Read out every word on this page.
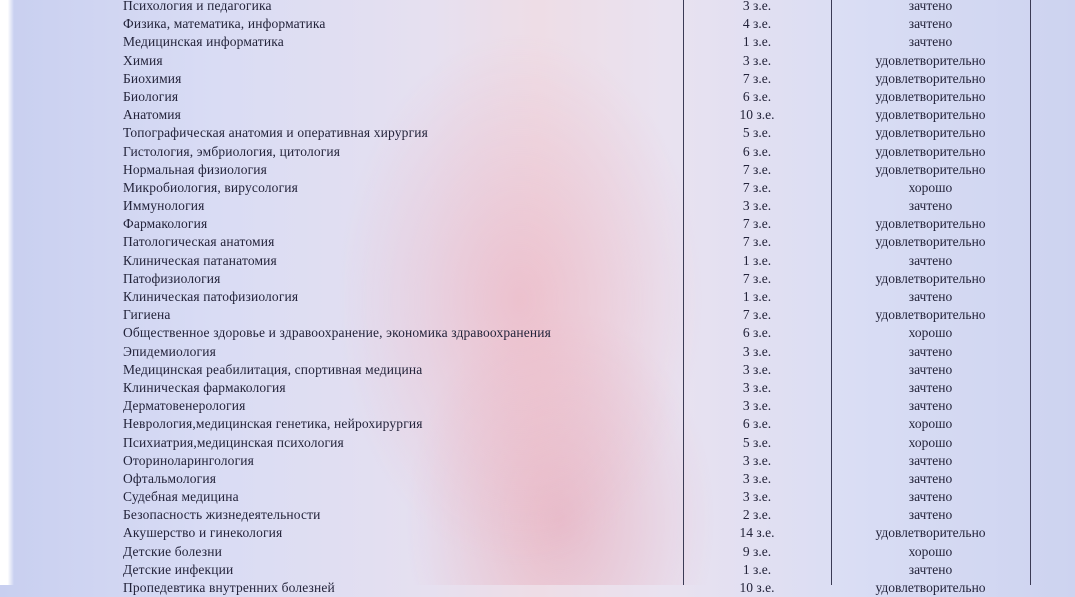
Психология и педагогика	3 з.е.	зачтено
Физика, математика, информатика	4 з.е.	зачтено
Медицинская информатика	1 з.е.	зачтено
Химия	3 з.е.	удовлетворительно
Биохимия	7 з.е.	удовлетворительно
Биология	6 з.е.	удовлетворительно
Анатомия	10 з.е.	удовлетворительно
Топографическая анатомия и оперативная хирургия	5 з.е.	удовлетворительно
Гистология, эмбриология, цитология	6 з.е.	удовлетворительно
Нормальная физиология	7 з.е.	удовлетворительно
Микробиология, вирусология	7 з.е.	хорошо
Иммунология	3 з.е.	зачтено
Фармакология	7 з.е.	удовлетворительно
Патологическая анатомия	7 з.е.	удовлетворительно
Клиническая патанатомия	1 з.е.	зачтено
Патофизиология	7 з.е.	удовлетворительно
Клиническая патофизиология	1 з.е.	зачтено
Гигиена	7 з.е.	удовлетворительно
Общественное здоровье и здравоохранение, экономика здравоохранения	6 з.е.	хорошо
Эпидемиология	3 з.е.	зачтено
Медицинская реабилитация, спортивная медицина	3 з.е.	зачтено
Клиническая фармакология	3 з.е.	зачтено
Дерматовенерология	3 з.е.	зачтено
Неврология,медицинская генетика, нейрохирургия	6 з.е.	хорошо
Психиатрия,медицинская психология	5 з.е.	хорошо
Оториноларингология	3 з.е.	зачтено
Офтальмология	3 з.е.	зачтено
Судебная медицина	3 з.е.	зачтено
Безопасность жизнедеятельности	2 з.е.	зачтено
Акушерство и гинекология	14 з.е.	удовлетворительно
Детские болезни	9 з.е.	хорошо
Детские инфекции	1 з.е.	зачтено
Пропедевтика внутренних болезней	10 з.е.	удовлетворительно
